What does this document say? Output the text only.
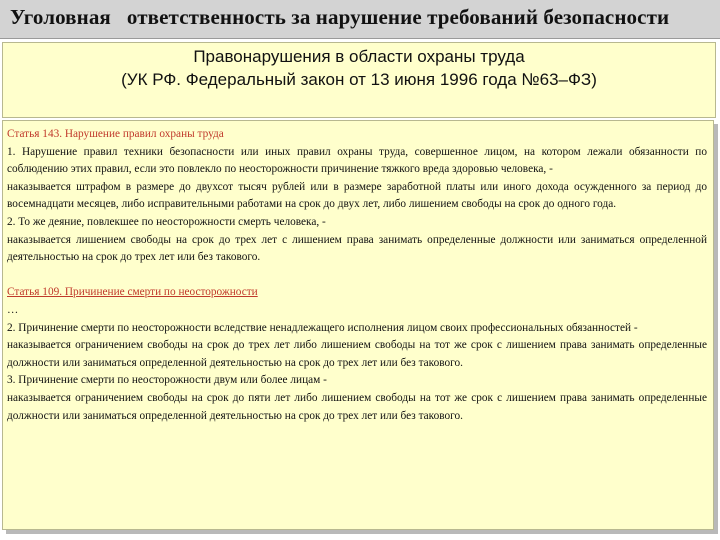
Уголовная   ответственность за нарушение требований безопасности
Правонарушения в области охраны труда
(УК РФ. Федеральный закон от 13 июня 1996 года №63–ФЗ)

Статья 143. Нарушение правил охраны труда

1. Нарушение правил техники безопасности или иных правил охраны труда, совершенное лицом, на котором лежали обязанности по соблюдению этих правил, если это повлекло по неосторожности причинение тяжкого вреда здоровью человека, -

наказывается штрафом в размере до двухсот тысяч рублей или в размере заработной платы или иного дохода осужденного за период до восемнадцати месяцев, либо исправительными работами на срок до двух лет, либо лишением свободы на срок до одного года.

2. То же деяние, повлекшее по неосторожности смерть человека, -

наказывается лишением свободы на срок до трех лет с лишением права занимать определенные должности или заниматься определенной деятельностью на срок до трех лет или без такового.

Статья 109. Причинение смерти по неосторожности

…

2. Причинение смерти по неосторожности вследствие ненадлежащего исполнения лицом своих профессиональных обязанностей -

наказывается ограничением свободы на срок до трех лет либо лишением свободы на тот же срок с лишением права занимать определенные должности или заниматься определенной деятельностью на срок до трех лет или без такового.

3. Причинение смерти по неосторожности двум или более лицам -

наказывается ограничением свободы на срок до пяти лет либо лишением свободы на тот же срок с лишением права занимать определенные должности или заниматься определенной деятельностью на срок до трех лет или без такового.
